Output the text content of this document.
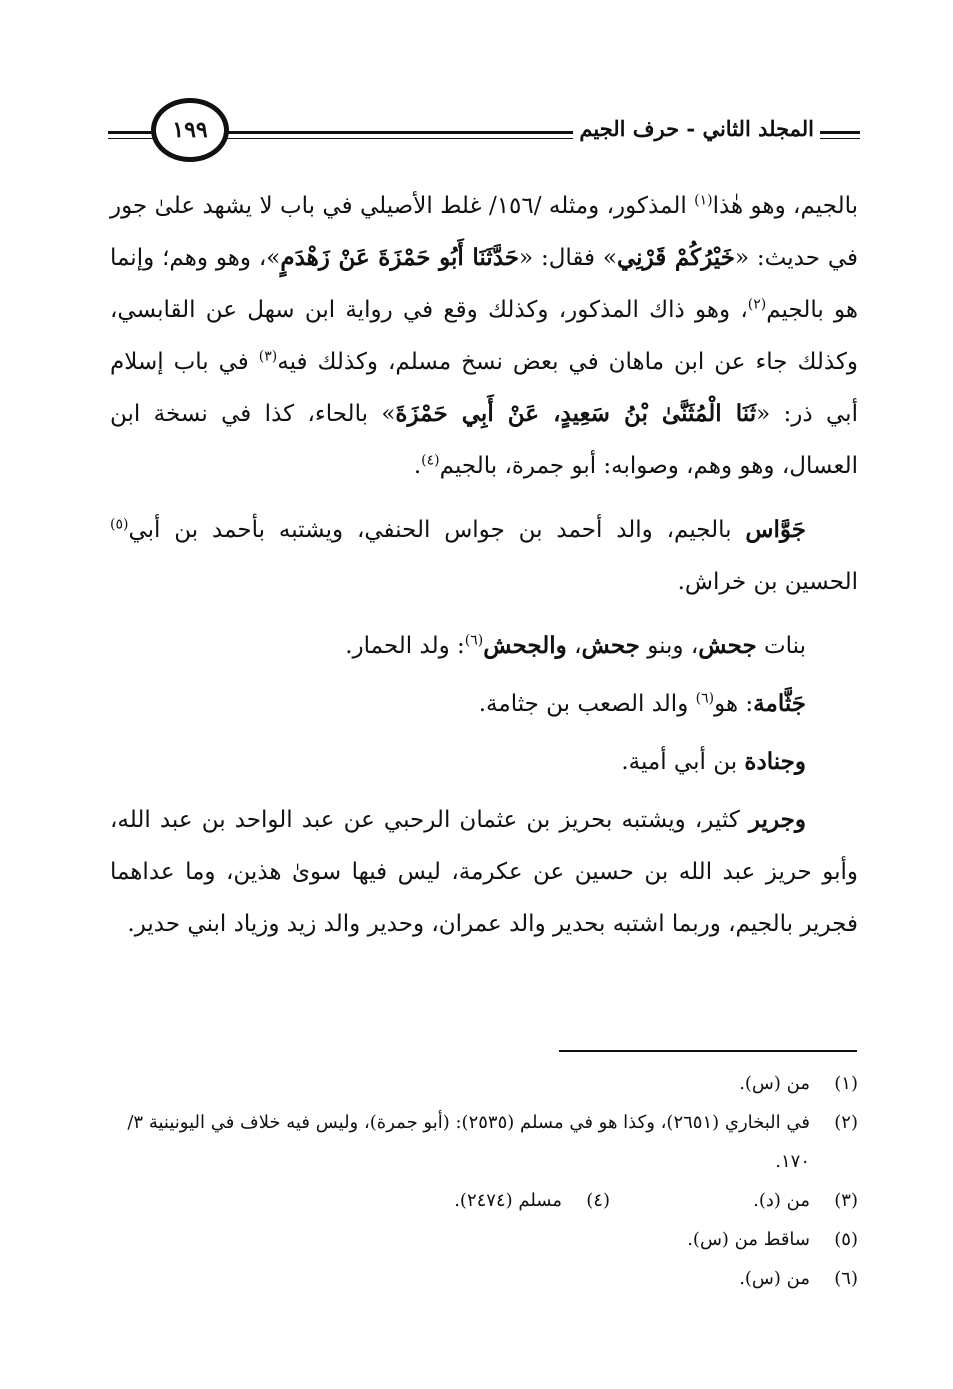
١٩٩	المجلد الثاني - حرف الجيم

بالجيم، وهو هٰذا$^{(١)}$ المذكور، ومثله /١٥٦/ غلط الأصيلي في باب لا يشهد علىٰ جور في حديث: «خَيْرُكُمْ قَرْنِي» فقال: «حَدَّثَنَا أَبُو حَمْزَةَ عَنْ زَهْدَمٍ»، وهو وهم؛ وإنما هو بالجيم$^{(٢)}$، وهو ذاك المذكور، وكذلك وقع في رواية ابن سهل عن القابسي، وكذلك جاء عن ابن ماهان في بعض نسخ مسلم، وكذلك فيه$^{(٣)}$ في باب إسلام أبي ذر: «ثَنَا الْمُثَنَّىٰ بْنُ سَعِيدٍ، عَنْ أَبِي حَمْزَةَ» بالحاء، كذا في نسخة ابن العسال، وهو وهم، وصوابه: أبو جمرة، بالجيم$^{(٤)}$.

جَوَّاس بالجيم، والد أحمد بن جواس الحنفي، ويشتبه بأحمد بن أبي$^{(٥)}$ الحسين بن خراش.

بنات جحش، وبنو جحش، والجحش$^{(٦)}$: ولد الحمار.

جَثَّامة: هو$^{(٦)}$ والد الصعب بن جثامة.

وجنادة بن أبي أمية.

وجرير كثير، ويشتبه بحريز بن عثمان الرحبي عن عبد الواحد بن عبد الله، وأبو حريز عبد الله بن حسين عن عكرمة، ليس فيها سوىٰ هذين، وما عداهما فجرير بالجيم، وربما اشتبه بحدير والد عمران، وحدير والد زيد وزياد ابني حدير.

(١)
من (س).
(٢)
في البخاري (٢٦٥١)، وكذا هو في مسلم (٢٥٣٥): (أبو جمرة)، وليس فيه خلاف في اليونينية ٣/ ١٧٠.
(٣)
من (د).
(٤)
مسلم (٢٤٧٤).
(٥)
ساقط من (س).
(٦)
من (س).
